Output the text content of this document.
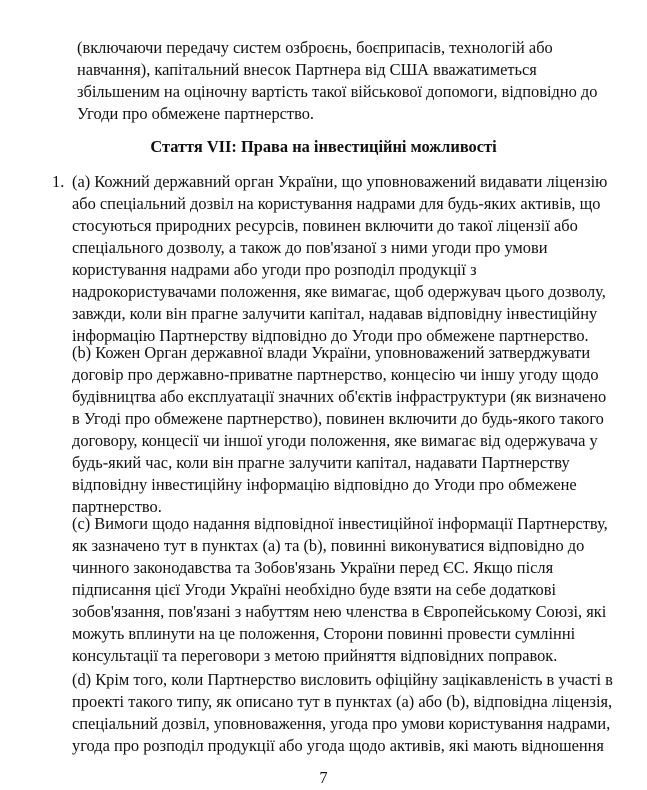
(включаючи передачу систем озброєнь, боєприпасів, технологій або
навчання), капітальний внесок Партнера від США вважатиметься
збільшеним на оціночну вартість такої військової допомоги, відповідно до
Угоди про обмежене партнерство.
Стаття VII: Права на інвестиційні можливості
1. (a) Кожний державний орган України, що уповноважений видавати ліцензію
або спеціальний дозвіл на користування надрами для будь-яких активів, що
стосуються природних ресурсів, повинен включити до такої ліцензії або
спеціального дозволу, а також до пов'язаної з ними угоди про умови
користування надрами або угоди про розподіл продукції з
надрокористувачами положення, яке вимагає, щоб одержувач цього дозволу,
завжди, коли він прагне залучити капітал, надавав відповідну інвестиційну
інформацію Партнерству відповідно до Угоди про обмежене партнерство.
(b) Кожен Орган державної влади України, уповноважений затверджувати
договір про державно-приватне партнерство, концесію чи іншу угоду щодо
будівництва або експлуатації значних об'єктів інфраструктури (як визначено
в Угоді про обмежене партнерство), повинен включити до будь-якого такого
договору, концесії чи іншої угоди положення, яке вимагає від одержувача у
будь-який час, коли він прагне залучити капітал, надавати Партнерству
відповідну інвестиційну інформацію відповідно до Угоди про обмежене
партнерство.
(c) Вимоги щодо надання відповідної інвестиційної інформації Партнерству,
як зазначено тут в пунктах (a) та (b), повинні виконуватися відповідно до
чинного законодавства та Зобов'язань України перед ЄС. Якщо після
підписання цієї Угоди Україні необхідно буде взяти на себе додаткові
зобов'язання, пов'язані з набуттям нею членства в Європейському Союзі, які
можуть вплинути на це положення, Сторони повинні провести сумлінні
консультації та переговори з метою прийняття відповідних поправок.
(d) Крім того, коли Партнерство висловить офіційну зацікавленість в участі в
проекті такого типу, як описано тут в пунктах (a) або (b), відповідна ліцензія,
спеціальний дозвіл, уповноваження, угода про умови користування надрами,
угода про розподіл продукції або угода щодо активів, які мають відношення
7
